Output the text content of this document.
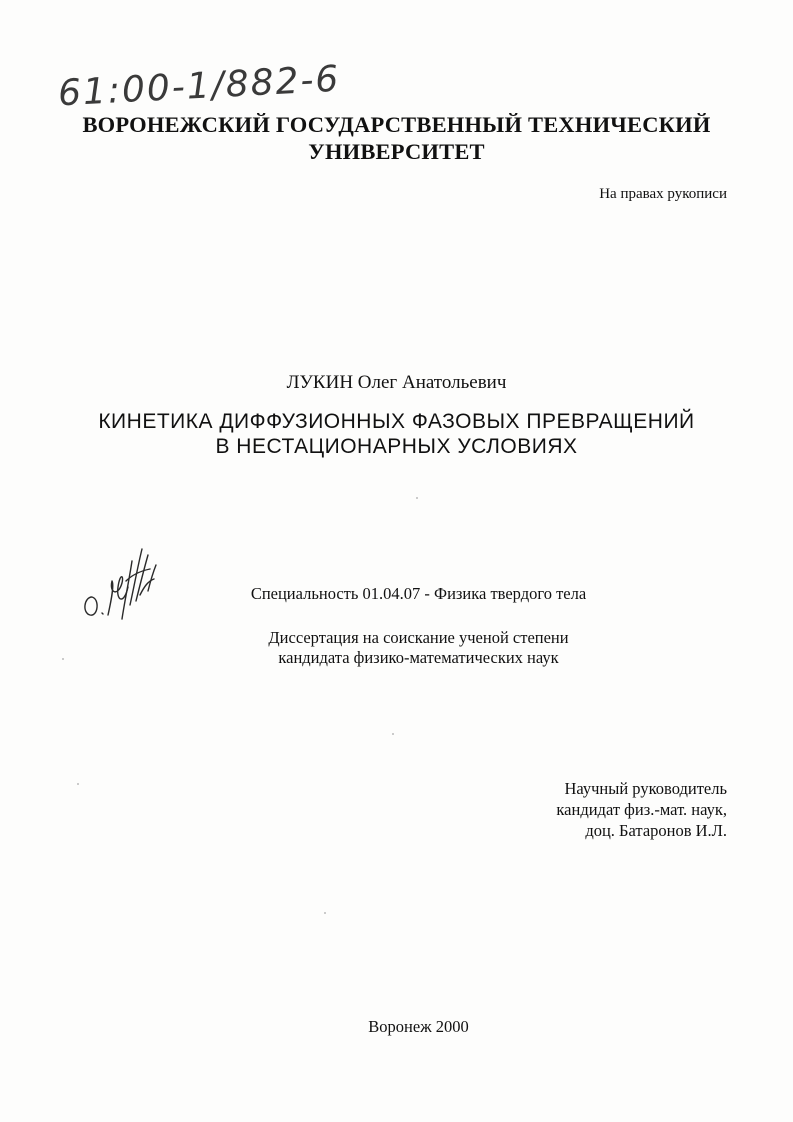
61:00-1/882-6
ВОРОНЕЖСКИЙ ГОСУДАРСТВЕННЫЙ ТЕХНИЧЕСКИЙ
УНИВЕРСИТЕТ
На правах рукописи
ЛУКИН Олег Анатольевич
КИНЕТИКА ДИФФУЗИОННЫХ ФАЗОВЫХ ПРЕВРАЩЕНИЙ
В НЕСТАЦИОНАРНЫХ УСЛОВИЯХ
Специальность 01.04.07 - Физика твердого тела
Диссертация на соискание ученой степени
кандидата физико-математических наук
Научный руководитель
кандидат физ.-мат. наук,
доц. Батаронов И.Л.
Воронеж 2000
